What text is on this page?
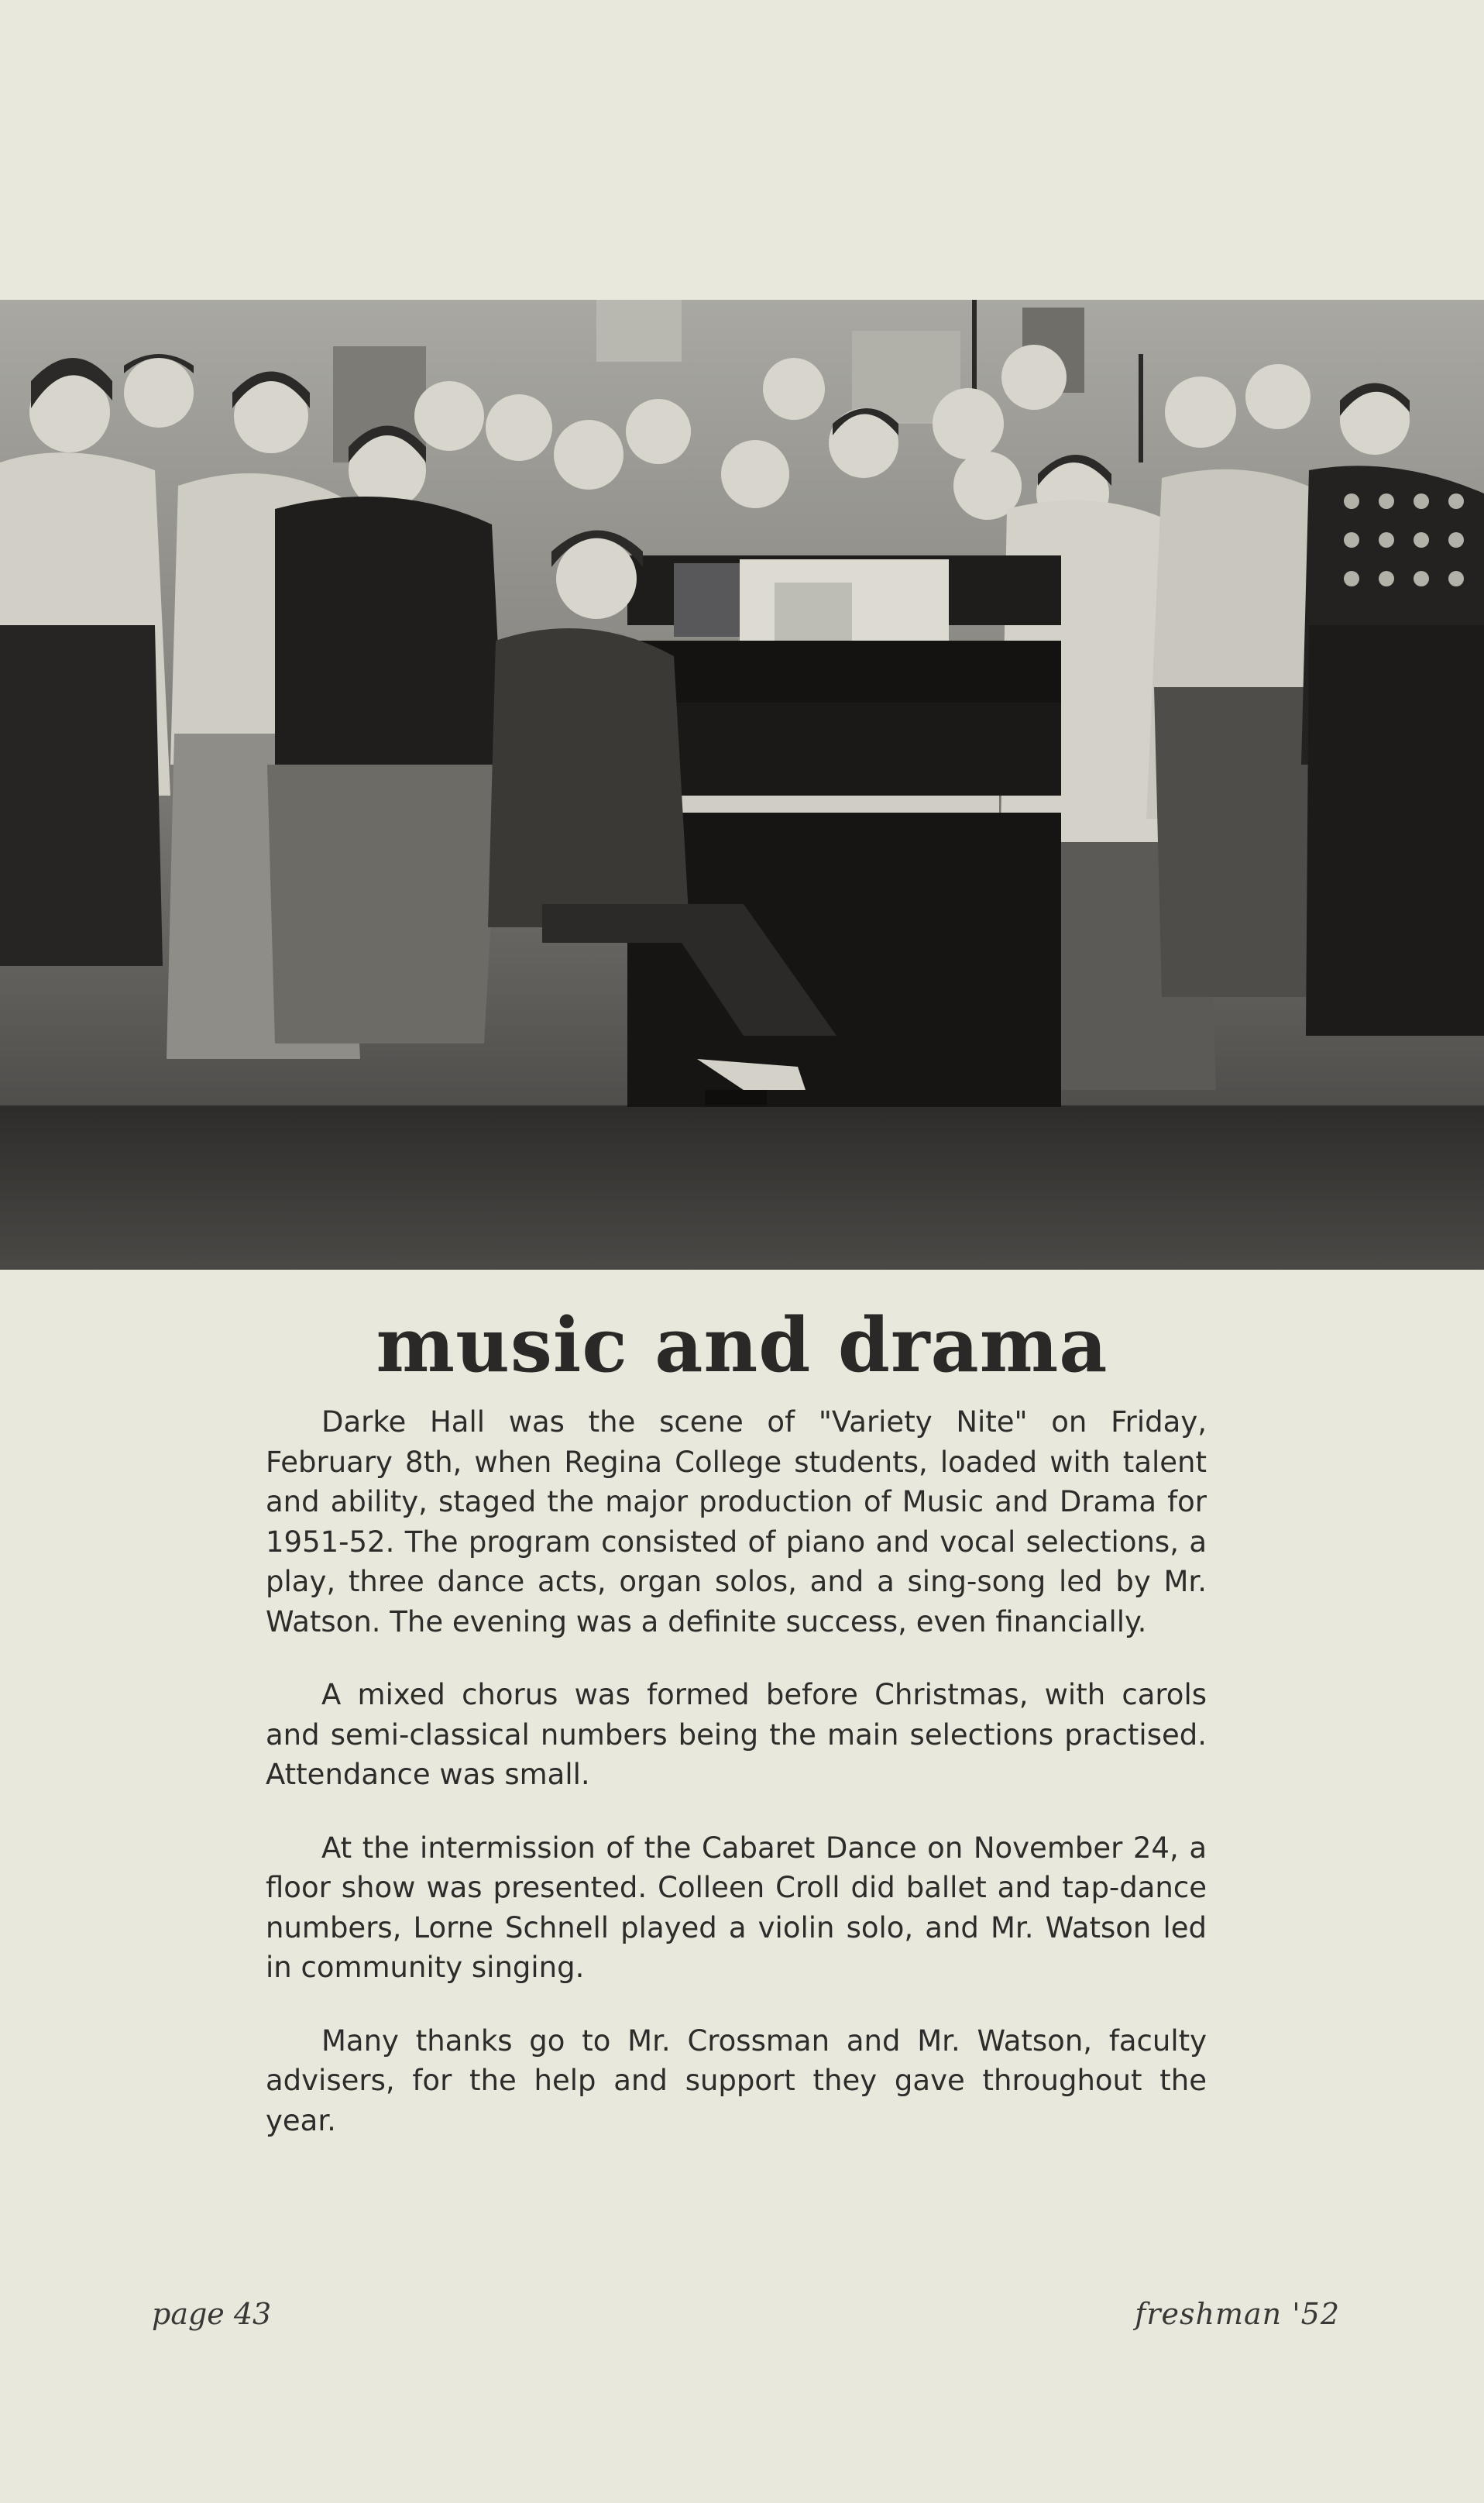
music and drama

Darke Hall was the scene of "Variety Nite" on Friday, February 8th, when Regina College students, loaded with talent and ability, staged the major production of Music and Drama for 1951-52. The program consisted of piano and vocal selections, a play, three dance acts, organ solos, and a sing-song led by Mr. Watson. The evening was a definite success, even financially.

A mixed chorus was formed before Christmas, with carols and semi-classical numbers being the main selections practised. Attendance was small.

At the intermission of the Cabaret Dance on November 24, a floor show was presented. Colleen Croll did ballet and tap-dance numbers, Lorne Schnell played a violin solo, and Mr. Watson led in community singing.

Many thanks go to Mr. Crossman and Mr. Watson, faculty advisers, for the help and support they gave throughout the year.

page 43	freshman '52
